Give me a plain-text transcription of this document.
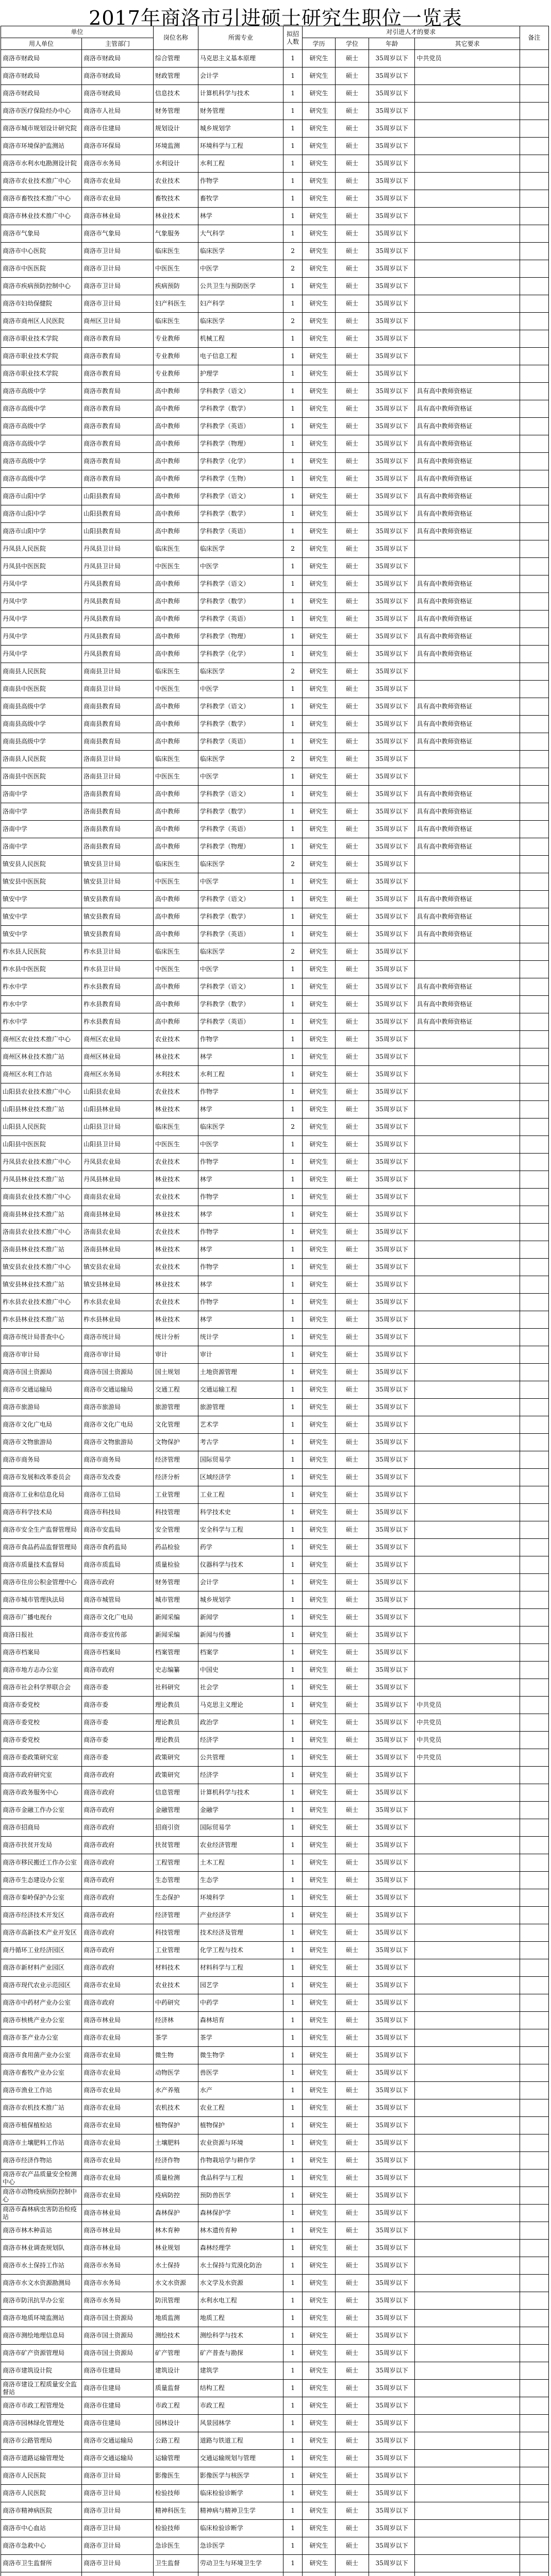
2017年商洛市引进硕士研究生职位一览表
单位		岗位名称	所需专业	拟招人数	对引进人才的要求				备注
用人单位	主管部门				学历	学位	年龄	其它要求	
商洛市财政局	商洛市财政局	综合管理	马克思主义基本原理	1	研究生	硕士	35周岁以下	中共党员	
商洛市财政局	商洛市财政局	财政管理	会计学	1	研究生	硕士	35周岁以下		
商洛市财政局	商洛市财政局	信息技术	计算机科学与技术	1	研究生	硕士	35周岁以下		
商洛市医疗保险经办中心	商洛市人社局	财务管理	财务管理	1	研究生	硕士	35周岁以下		
商洛市城市规划设计研究院	商洛市住建局	规划设计	城乡规划学	1	研究生	硕士	35周岁以下		
商洛市环境保护监测站	商洛市环保局	环境监测	环境科学与工程	1	研究生	硕士	35周岁以下		
商洛市水利水电勘测设计院	商洛市水务局	水利设计	水利工程	1	研究生	硕士	35周岁以下		
商洛市农业技术推广中心	商洛市农业局	农业技术	作物学	1	研究生	硕士	35周岁以下		
商洛市畜牧技术推广中心	商洛市农业局	畜牧技术	畜牧学	1	研究生	硕士	35周岁以下		
商洛市林业技术推广中心	商洛市林业局	林业技术	林学	1	研究生	硕士	35周岁以下		
商洛市气象局	商洛市气象局	气象服务	大气科学	1	研究生	硕士	35周岁以下		
商洛市中心医院	商洛市卫计局	临床医生	临床医学	2	研究生	硕士	35周岁以下		
商洛市中医医院	商洛市卫计局	中医医生	中医学	2	研究生	硕士	35周岁以下		
商洛市疾病预防控制中心	商洛市卫计局	疾病预防	公共卫生与预防医学	1	研究生	硕士	35周岁以下		
商洛市妇幼保健院	商洛市卫计局	妇产科医生	妇产科学	1	研究生	硕士	35周岁以下		
商洛市商州区人民医院	商州区卫计局	临床医生	临床医学	2	研究生	硕士	35周岁以下		
商洛市职业技术学院	商洛市教育局	专业教师	机械工程	1	研究生	硕士	35周岁以下		
商洛市职业技术学院	商洛市教育局	专业教师	电子信息工程	1	研究生	硕士	35周岁以下		
商洛市职业技术学院	商洛市教育局	专业教师	护理学	1	研究生	硕士	35周岁以下		
商洛市高级中学	商洛市教育局	高中教师	学科教学（语文）	1	研究生	硕士	35周岁以下	具有高中教师资格证	
商洛市高级中学	商洛市教育局	高中教师	学科教学（数学）	1	研究生	硕士	35周岁以下	具有高中教师资格证	
商洛市高级中学	商洛市教育局	高中教师	学科教学（英语）	1	研究生	硕士	35周岁以下	具有高中教师资格证	
商洛市高级中学	商洛市教育局	高中教师	学科教学（物理）	1	研究生	硕士	35周岁以下	具有高中教师资格证	
商洛市高级中学	商洛市教育局	高中教师	学科教学（化学）	1	研究生	硕士	35周岁以下	具有高中教师资格证	
商洛市高级中学	商洛市教育局	高中教师	学科教学（生物）	1	研究生	硕士	35周岁以下	具有高中教师资格证	
商洛市山阳中学	山阳县教育局	高中教师	学科教学（语文）	1	研究生	硕士	35周岁以下	具有高中教师资格证	
商洛市山阳中学	山阳县教育局	高中教师	学科教学（数学）	1	研究生	硕士	35周岁以下	具有高中教师资格证	
商洛市山阳中学	山阳县教育局	高中教师	学科教学（英语）	1	研究生	硕士	35周岁以下	具有高中教师资格证	
丹凤县人民医院	丹凤县卫计局	临床医生	临床医学	2	研究生	硕士	35周岁以下		
丹凤县中医医院	丹凤县卫计局	中医医生	中医学	1	研究生	硕士	35周岁以下		
丹凤中学	丹凤县教育局	高中教师	学科教学（语文）	1	研究生	硕士	35周岁以下	具有高中教师资格证	
丹凤中学	丹凤县教育局	高中教师	学科教学（数学）	1	研究生	硕士	35周岁以下	具有高中教师资格证	
丹凤中学	丹凤县教育局	高中教师	学科教学（英语）	1	研究生	硕士	35周岁以下	具有高中教师资格证	
丹凤中学	丹凤县教育局	高中教师	学科教学（物理）	1	研究生	硕士	35周岁以下	具有高中教师资格证	
丹凤中学	丹凤县教育局	高中教师	学科教学（化学）	1	研究生	硕士	35周岁以下	具有高中教师资格证	
商南县人民医院	商南县卫计局	临床医生	临床医学	2	研究生	硕士	35周岁以下		
商南县中医医院	商南县卫计局	中医医生	中医学	1	研究生	硕士	35周岁以下		
商南县高级中学	商南县教育局	高中教师	学科教学（语文）	1	研究生	硕士	35周岁以下	具有高中教师资格证	
商南县高级中学	商南县教育局	高中教师	学科教学（数学）	1	研究生	硕士	35周岁以下	具有高中教师资格证	
商南县高级中学	商南县教育局	高中教师	学科教学（英语）	1	研究生	硕士	35周岁以下	具有高中教师资格证	
洛南县人民医院	洛南县卫计局	临床医生	临床医学	2	研究生	硕士	35周岁以下		
洛南县中医医院	洛南县卫计局	中医医生	中医学	1	研究生	硕士	35周岁以下		
洛南中学	洛南县教育局	高中教师	学科教学（语文）	1	研究生	硕士	35周岁以下	具有高中教师资格证	
洛南中学	洛南县教育局	高中教师	学科教学（数学）	1	研究生	硕士	35周岁以下	具有高中教师资格证	
洛南中学	洛南县教育局	高中教师	学科教学（英语）	1	研究生	硕士	35周岁以下	具有高中教师资格证	
洛南中学	洛南县教育局	高中教师	学科教学（物理）	1	研究生	硕士	35周岁以下	具有高中教师资格证	
镇安县人民医院	镇安县卫计局	临床医生	临床医学	2	研究生	硕士	35周岁以下		
镇安县中医医院	镇安县卫计局	中医医生	中医学	1	研究生	硕士	35周岁以下		
镇安中学	镇安县教育局	高中教师	学科教学（语文）	1	研究生	硕士	35周岁以下	具有高中教师资格证	
镇安中学	镇安县教育局	高中教师	学科教学（数学）	1	研究生	硕士	35周岁以下	具有高中教师资格证	
镇安中学	镇安县教育局	高中教师	学科教学（英语）	1	研究生	硕士	35周岁以下	具有高中教师资格证	
柞水县人民医院	柞水县卫计局	临床医生	临床医学	2	研究生	硕士	35周岁以下		
柞水县中医医院	柞水县卫计局	中医医生	中医学	1	研究生	硕士	35周岁以下		
柞水中学	柞水县教育局	高中教师	学科教学（语文）	1	研究生	硕士	35周岁以下	具有高中教师资格证	
柞水中学	柞水县教育局	高中教师	学科教学（数学）	1	研究生	硕士	35周岁以下	具有高中教师资格证	
柞水中学	柞水县教育局	高中教师	学科教学（英语）	1	研究生	硕士	35周岁以下	具有高中教师资格证	
商州区农业技术推广中心	商州区农业局	农业技术	作物学	1	研究生	硕士	35周岁以下		
商州区林业技术推广站	商州区林业局	林业技术	林学	1	研究生	硕士	35周岁以下		
商州区水利工作站	商州区水务局	水利技术	水利工程	1	研究生	硕士	35周岁以下		
山阳县农业技术推广中心	山阳县农业局	农业技术	作物学	1	研究生	硕士	35周岁以下		
山阳县林业技术推广站	山阳县林业局	林业技术	林学	1	研究生	硕士	35周岁以下		
山阳县人民医院	山阳县卫计局	临床医生	临床医学	2	研究生	硕士	35周岁以下		
山阳县中医医院	山阳县卫计局	中医医生	中医学	1	研究生	硕士	35周岁以下		
丹凤县农业技术推广中心	丹凤县农业局	农业技术	作物学	1	研究生	硕士	35周岁以下		
丹凤县林业技术推广站	丹凤县林业局	林业技术	林学	1	研究生	硕士	35周岁以下		
商南县农业技术推广中心	商南县农业局	农业技术	作物学	1	研究生	硕士	35周岁以下		
商南县林业技术推广站	商南县林业局	林业技术	林学	1	研究生	硕士	35周岁以下		
洛南县农业技术推广中心	洛南县农业局	农业技术	作物学	1	研究生	硕士	35周岁以下		
洛南县林业技术推广站	洛南县林业局	林业技术	林学	1	研究生	硕士	35周岁以下		
镇安县农业技术推广中心	镇安县农业局	农业技术	作物学	1	研究生	硕士	35周岁以下		
镇安县林业技术推广站	镇安县林业局	林业技术	林学	1	研究生	硕士	35周岁以下		
柞水县农业技术推广中心	柞水县农业局	农业技术	作物学	1	研究生	硕士	35周岁以下		
柞水县林业技术推广站	柞水县林业局	林业技术	林学	1	研究生	硕士	35周岁以下		
商洛市统计局普查中心	商洛市统计局	统计分析	统计学	1	研究生	硕士	35周岁以下		
商洛市审计局	商洛市审计局	审计	审计	1	研究生	硕士	35周岁以下		
商洛市国土资源局	商洛市国土资源局	国土规划	土地资源管理	1	研究生	硕士	35周岁以下		
商洛市交通运输局	商洛市交通运输局	交通工程	交通运输工程	1	研究生	硕士	35周岁以下		
商洛市旅游局	商洛市旅游局	旅游管理	旅游管理	1	研究生	硕士	35周岁以下		
商洛市文化广电局	商洛市文化广电局	文化管理	艺术学	1	研究生	硕士	35周岁以下		
商洛市文物旅游局	商洛市文物旅游局	文物保护	考古学	1	研究生	硕士	35周岁以下		
商洛市商务局	商洛市商务局	经济管理	国际贸易学	1	研究生	硕士	35周岁以下		
商洛市发展和改革委员会	商洛市发改委	经济分析	区域经济学	1	研究生	硕士	35周岁以下		
商洛市工业和信息化局	商洛市工信局	工业管理	工业工程	1	研究生	硕士	35周岁以下		
商洛市科学技术局	商洛市科技局	科技管理	科学技术史	1	研究生	硕士	35周岁以下		
商洛市安全生产监督管理局	商洛市安监局	安全管理	安全科学与工程	1	研究生	硕士	35周岁以下		
商洛市食品药品监督管理局	商洛市食药监局	药品检验	药学	1	研究生	硕士	35周岁以下		
商洛市质量技术监督局	商洛市质监局	质量检验	仪器科学与技术	1	研究生	硕士	35周岁以下		
商洛市住房公积金管理中心	商洛市政府	财务管理	会计学	1	研究生	硕士	35周岁以下		
商洛市城市管理执法局	商洛市城管局	城市管理	城乡规划学	1	研究生	硕士	35周岁以下		
商洛市广播电视台	商洛市文化广电局	新闻采编	新闻学	1	研究生	硕士	35周岁以下		
商洛日报社	商洛市委宣传部	新闻采编	新闻与传播	1	研究生	硕士	35周岁以下		
商洛市档案局	商洛市档案局	档案管理	档案学	1	研究生	硕士	35周岁以下		
商洛市地方志办公室	商洛市政府	史志编纂	中国史	1	研究生	硕士	35周岁以下		
商洛市社会科学界联合会	商洛市委	社科研究	社会学	1	研究生	硕士	35周岁以下		
商洛市委党校	商洛市委	理论教员	马克思主义理论	1	研究生	硕士	35周岁以下	中共党员	
商洛市委党校	商洛市委	理论教员	政治学	1	研究生	硕士	35周岁以下	中共党员	
商洛市委党校	商洛市委	理论教员	经济学	1	研究生	硕士	35周岁以下	中共党员	
商洛市委政策研究室	商洛市委	政策研究	公共管理	1	研究生	硕士	35周岁以下	中共党员	
商洛市政府研究室	商洛市政府	政策研究	经济学	1	研究生	硕士	35周岁以下		
商洛市政务服务中心	商洛市政府	信息管理	计算机科学与技术	1	研究生	硕士	35周岁以下		
商洛市金融工作办公室	商洛市政府	金融管理	金融学	1	研究生	硕士	35周岁以下		
商洛市招商局	商洛市政府	招商引资	国际贸易学	1	研究生	硕士	35周岁以下		
商洛市扶贫开发局	商洛市政府	扶贫管理	农业经济管理	1	研究生	硕士	35周岁以下		
商洛市移民搬迁工作办公室	商洛市政府	工程管理	土木工程	1	研究生	硕士	35周岁以下		
商洛市生态建设办公室	商洛市政府	生态管理	生态学	1	研究生	硕士	35周岁以下		
商洛市秦岭保护办公室	商洛市政府	生态保护	环境科学	1	研究生	硕士	35周岁以下		
商洛市经济技术开发区	商洛市政府	经济管理	产业经济学	1	研究生	硕士	35周岁以下		
商洛市高新技术产业开发区	商洛市政府	科技管理	技术经济及管理	1	研究生	硕士	35周岁以下		
商丹循环工业经济园区	商洛市政府	工业管理	化学工程与技术	1	研究生	硕士	35周岁以下		
商洛市新材料产业园区	商洛市政府	材料技术	材料科学与工程	1	研究生	硕士	35周岁以下		
商洛市现代农业示范园区	商洛市农业局	农业技术	园艺学	1	研究生	硕士	35周岁以下		
商洛市中药材产业办公室	商洛市政府	中药研究	中药学	1	研究生	硕士	35周岁以下		
商洛市核桃产业办公室	商洛市林业局	经济林	森林培育	1	研究生	硕士	35周岁以下		
商洛市茶产业办公室	商洛市农业局	茶学	茶学	1	研究生	硕士	35周岁以下		
商洛市食用菌产业办公室	商洛市农业局	微生物	微生物学	1	研究生	硕士	35周岁以下		
商洛市畜牧产业办公室	商洛市农业局	动物医学	兽医学	1	研究生	硕士	35周岁以下		
商洛市渔业工作站	商洛市农业局	水产养殖	水产	1	研究生	硕士	35周岁以下		
商洛市农机技术推广站	商洛市农业局	农机技术	农业工程	1	研究生	硕士	35周岁以下		
商洛市植保植检站	商洛市农业局	植物保护	植物保护	1	研究生	硕士	35周岁以下		
商洛市土壤肥料工作站	商洛市农业局	土壤肥料	农业资源与环境	1	研究生	硕士	35周岁以下		
商洛市经济作物站	商洛市农业局	经济作物	作物栽培学与耕作学	1	研究生	硕士	35周岁以下		
商洛市农产品质量安全检测中心	商洛市农业局	质量检测	食品科学与工程	1	研究生	硕士	35周岁以下		
商洛市动物疫病预防控制中心	商洛市农业局	疫病防控	预防兽医学	1	研究生	硕士	35周岁以下		
商洛市森林病虫害防治检疫站	商洛市林业局	森林保护	森林保护学	1	研究生	硕士	35周岁以下		
商洛市林木种苗站	商洛市林业局	林木育种	林木遗传育种	1	研究生	硕士	35周岁以下		
商洛市林业调查规划队	商洛市林业局	林业规划	森林经理学	1	研究生	硕士	35周岁以下		
商洛市水土保持工作站	商洛市水务局	水土保持	水土保持与荒漠化防治	1	研究生	硕士	35周岁以下		
商洛市水文水资源勘测局	商洛市水务局	水文水资源	水文学及水资源	1	研究生	硕士	35周岁以下		
商洛市防汛抗旱办公室	商洛市水务局	防汛管理	水利水电工程	1	研究生	硕士	35周岁以下		
商洛市地质环境监测站	商洛市国土资源局	地质监测	地质工程	1	研究生	硕士	35周岁以下		
商洛市测绘地理信息局	商洛市国土资源局	测绘技术	测绘科学与技术	1	研究生	硕士	35周岁以下		
商洛市矿产资源管理局	商洛市国土资源局	矿产管理	矿产普查与勘探	1	研究生	硕士	35周岁以下		
商洛市建筑设计院	商洛市住建局	建筑设计	建筑学	1	研究生	硕士	35周岁以下		
商洛市建设工程质量安全监督站	商洛市住建局	质量监督	结构工程	1	研究生	硕士	35周岁以下		
商洛市市政工程管理处	商洛市住建局	市政工程	市政工程	1	研究生	硕士	35周岁以下		
商洛市园林绿化管理处	商洛市住建局	园林设计	风景园林学	1	研究生	硕士	35周岁以下		
商洛市公路管理局	商洛市交通运输局	公路工程	道路与铁道工程	1	研究生	硕士	35周岁以下		
商洛市道路运输管理处	商洛市交通运输局	运输管理	交通运输规划与管理	1	研究生	硕士	35周岁以下		
商洛市人民医院	商洛市卫计局	影像医生	影像医学与核医学	1	研究生	硕士	35周岁以下		
商洛市人民医院	商洛市卫计局	检验技师	临床检验诊断学	1	研究生	硕士	35周岁以下		
商洛市精神病医院	商洛市卫计局	精神科医生	精神病与精神卫生学	1	研究生	硕士	35周岁以下		
商洛市中心血站	商洛市卫计局	检验技师	临床检验诊断学	1	研究生	硕士	35周岁以下		
商洛市急救中心	商洛市卫计局	急诊医生	急诊医学	1	研究生	硕士	35周岁以下		
商洛市卫生监督所	商洛市卫计局	卫生监督	劳动卫生与环境卫生学	1	研究生	硕士	35周岁以下		
